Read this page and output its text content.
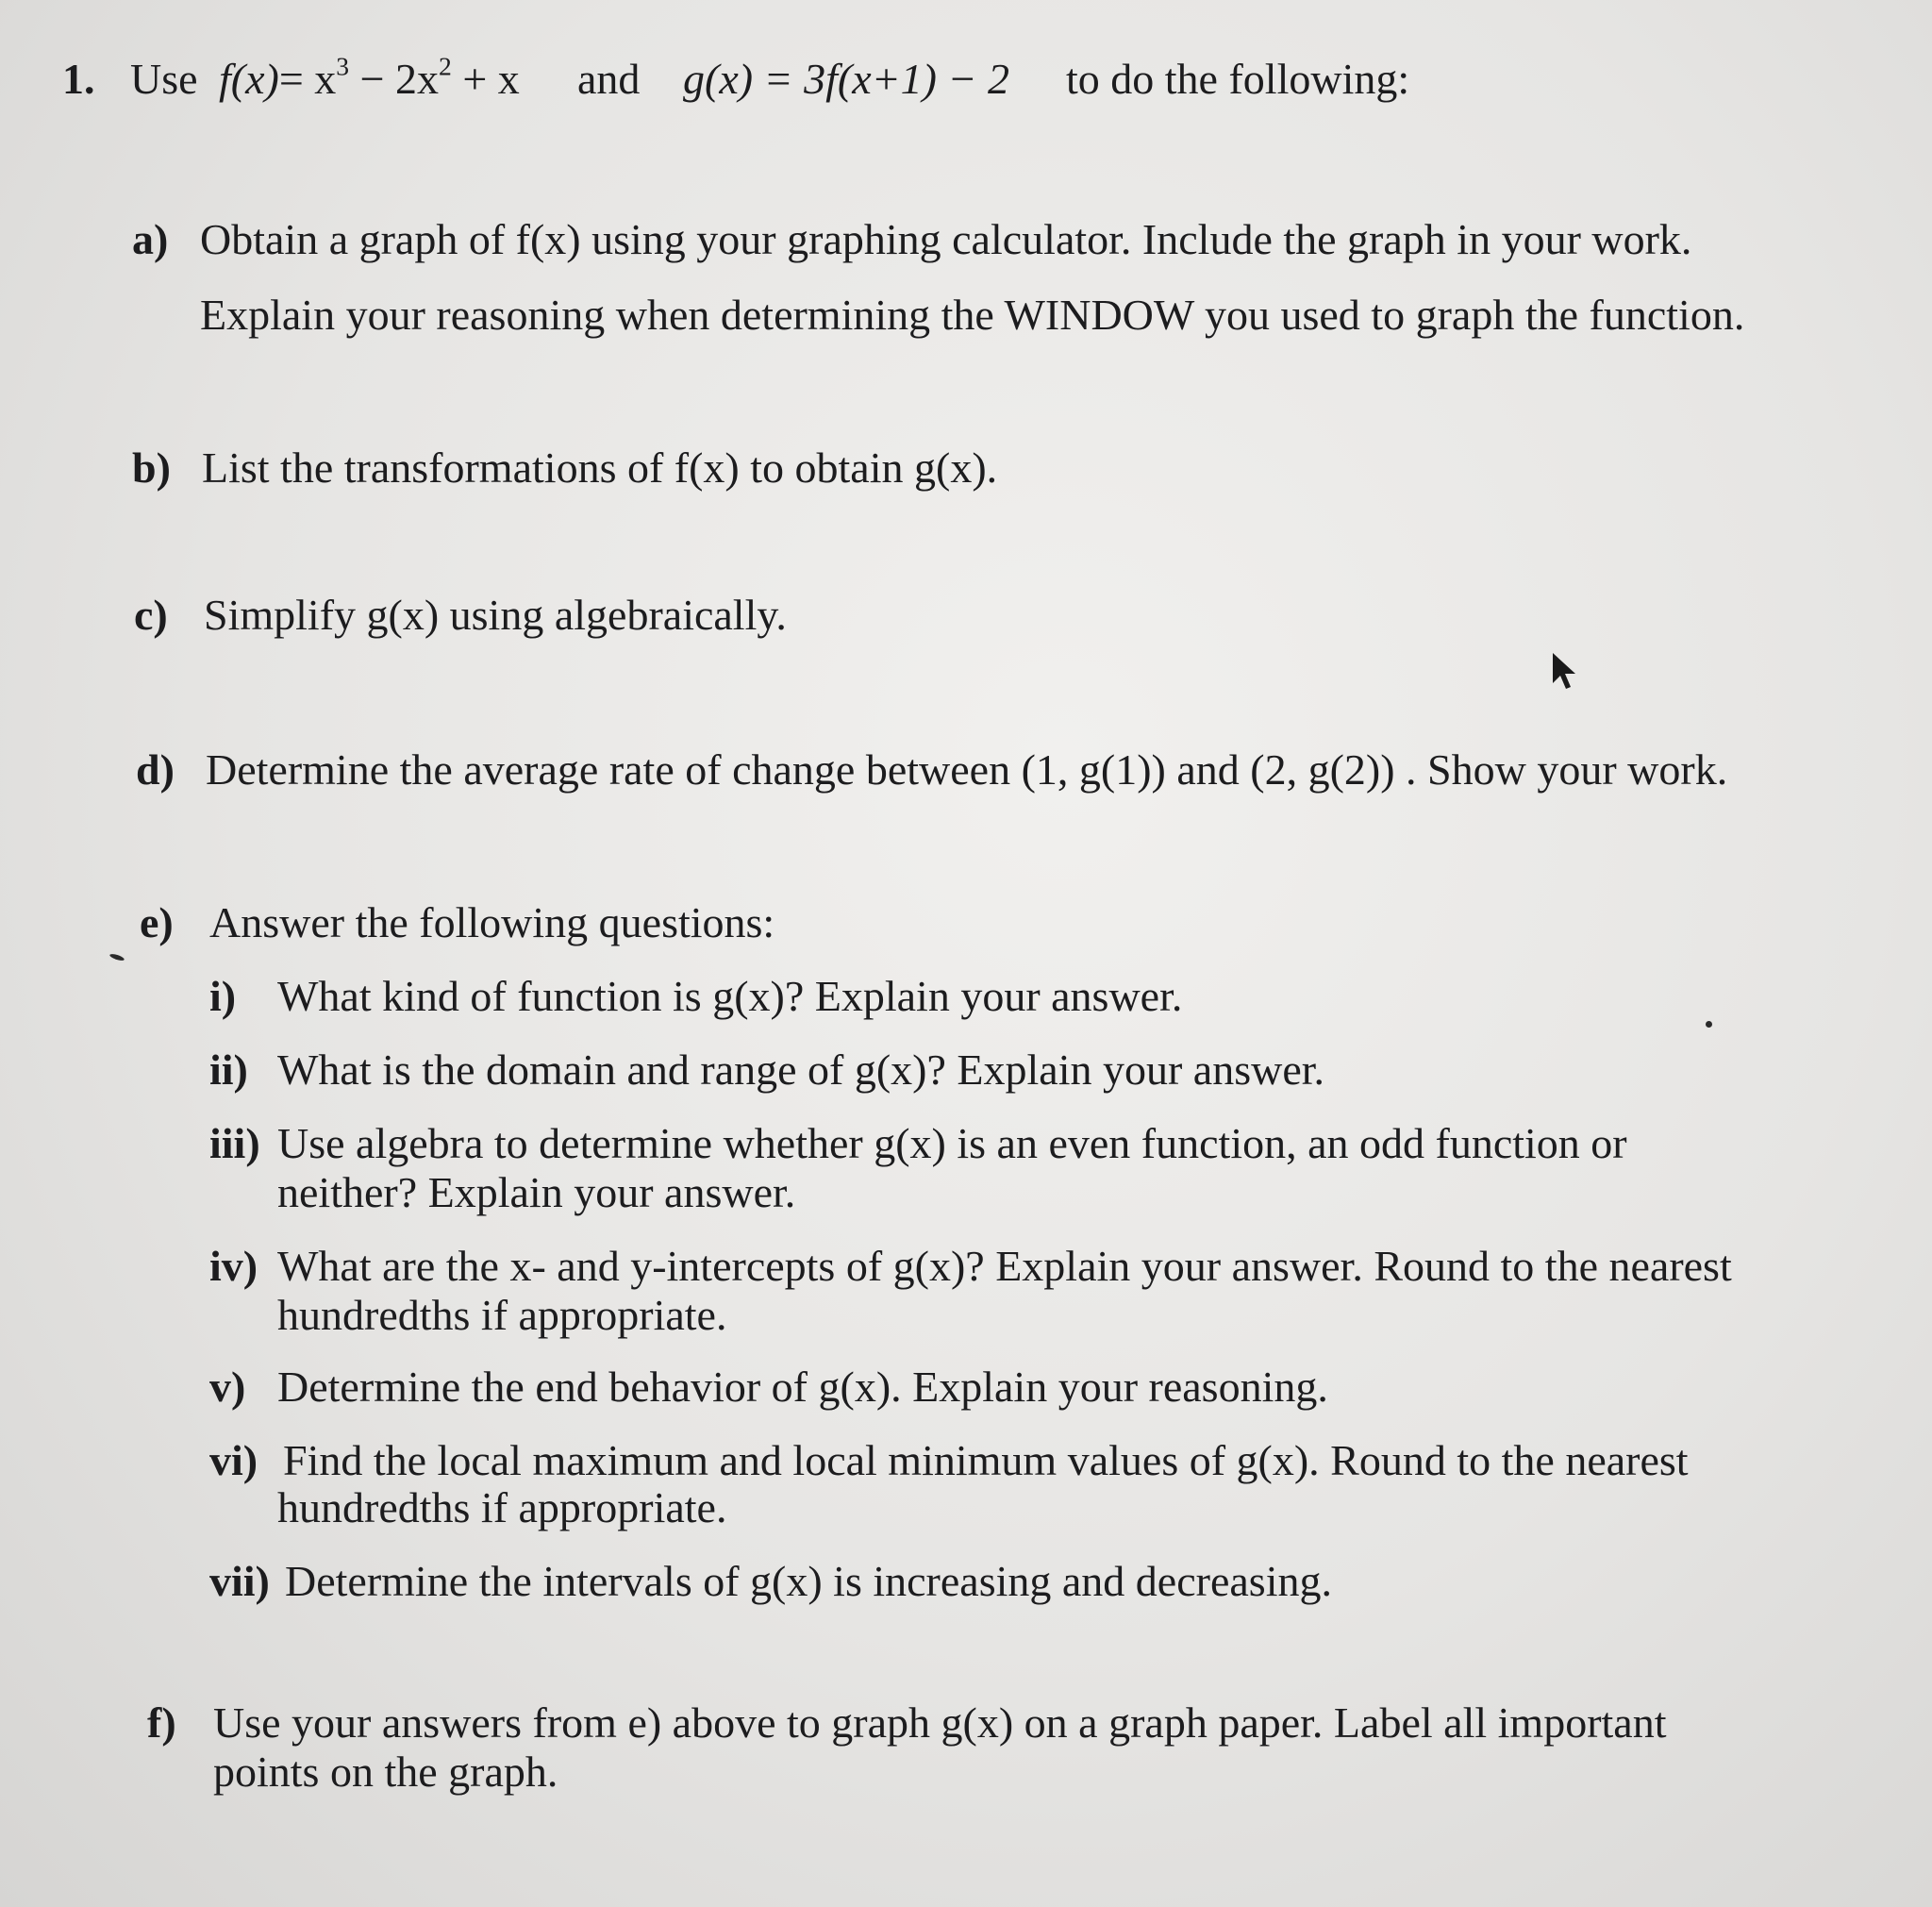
1. Use $f(x)= x^3 - 2x^2 + x$ and g(x) = 3f(x+1) − 2 to do the following:
a) Obtain a graph of f(x) using your graphing calculator. Include the graph in your work.
Explain your reasoning when determining the WINDOW you used to graph the function.
b) List the transformations of f(x) to obtain g(x).
c) Simplify g(x) using algebraically.
d) Determine the average rate of change between (1, g(1)) and (2, g(2)) . Show your work.
e) Answer the following questions:
i) What kind of function is g(x)? Explain your answer.
ii) What is the domain and range of g(x)? Explain your answer.
iii) Use algebra to determine whether g(x) is an even function, an odd function or
neither? Explain your answer.
iv) What are the x- and y-intercepts of g(x)? Explain your answer. Round to the nearest
hundredths if appropriate.
v) Determine the end behavior of g(x). Explain your reasoning.
vi) Find the local maximum and local minimum values of g(x). Round to the nearest
hundredths if appropriate.
vii) Determine the intervals of g(x) is increasing and decreasing.
f) Use your answers from e) above to graph g(x) on a graph paper. Label all important
points on the graph.
